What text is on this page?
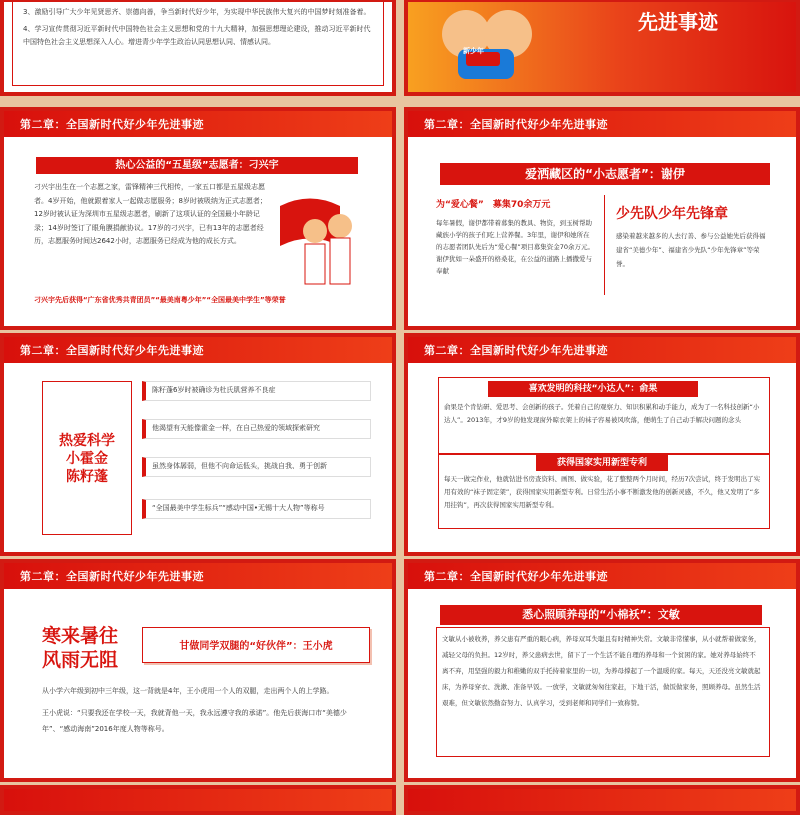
3、激励引导广大少年见贤思齐、崇德向善，争当新时代好少年，为实现中华民族伟大复兴的中国梦时刻准备着。
4、学习宣传贯彻习近平新时代中国特色社会主义思想和党的十九大精神，加强思想理论建设，推动习近平新时代中国特色社会主义思想深入人心。增进青少年学生政治认同思想认同、情感认同。
新少年
先进事迹
第二章：全国新时代好少年先进事迹
热心公益的“五星级”志愿者：刁兴宇
刁兴宇出生在一个志愿之家，雷锋精神三代相传，一家五口都是五星级志愿者。4岁开始，他就跟着家人一起做志愿服务；8岁时被吸纳为正式志愿者；12岁时被认证为深圳市五星级志愿者，刷新了这项认证的全国最小年龄记录；14岁时签订了眼角膜捐献协议。17岁的刁兴宇，已有13年的志愿者经历，志愿服务时间达2642小时，志愿服务已经成为他的成长方式。
刁兴宇先后获得“广东省优秀共青团员”“最美南粤少年”“全国最美中学生”等荣誉
第二章：全国新时代好少年先进事迹
爱洒藏区的“小志愿者”：谢伊
为“爱心餐”　募集70余万元
每年暑假，谢伊都带着募集的教具、物资，到玉树帮助藏族小学的孩子们吃上营养餐。3年里，谢伊和她所在的志愿者团队先后为“爱心餐”项目募集资金70余万元。谢伊犹如一朵盛开的格桑花，在公益的道路上播撒爱与奉献
少先队少年先锋章
感染着越来越多的人去行善、参与公益她先后获得福建省“美德少年”、福建省少先队“少年先锋章”等荣誉。
第二章：全国新时代好少年先进事迹
热爱科学
小霍金
陈籽蓬
陈籽蓬6岁时被确诊为杜氏肌营养不良症
他渴望有天能像霍金一样，在自己热爱的领域探索研究
虽然身体孱弱，但他不向命运低头，挑战自我、勇于创新
“全国最美中学生标兵”“感动中国•无锡十大人物”等称号
第二章：全国新时代好少年先进事迹
喜欢发明的科技“小达人”：俞果
俞果是个肯钻研、爱思考、会创新的孩子。凭着自己的观察力、知识积累和动手能力，成为了一名科技创新“小达人”。2013年，才9岁的他发现窗外晾衣架上的袜子容易被风吹落，便萌生了自己动手解决问题的念头
获得国家实用新型专利
每天一做完作业，他就钻进书房查资料、画图、做实验，花了整整两个月时间，经历7次尝试，终于发明出了实用有效的“袜子固定架”，获得国家实用新型专利。日常生活小事不断激发他的创新灵感，不久，他又发明了“多用挂钩”，再次获得国家实用新型专利。
第二章：全国新时代好少年先进事迹
寒来暑往
风雨无阻
甘做同学双腿的“好伙伴”：王小虎
从小学六年级到初中三年级，这一背就是4年，王小虎用一个人的双腿，走出两个人的上学路。
王小虎说：“只要我还在学校一天，我就背他一天，我永远遵守我的承诺”。他先后获海口市“美德少年”、“感动海南”2016年度人物等称号。
第二章：全国新时代好少年先进事迹
悉心照顾养母的“小棉袄”：文敏
文敏从小被收养，养父患有严重的眼心病，养母双耳失聪且有时精神失常。文敏非常懂事，从小就帮着做家务，减轻父母的负担。12岁时，养父患病去世，留下了一个生活不能自理的养母和一个贫困的家。她对养母始终不离不弃，用坚强的毅力和稚嫩的双手托持着家里的一切，为养母撑起了一个温暖的家。每天，天还没亮文敏就起床，为养母穿衣、洗漱、准备早饭。一放学，文敏就匆匆往家赶，下地干活，做饭做家务，照顾养母。虽然生活艰难，但文敏依然勤奋努力、认真学习，受到老师和同学们一致称赞。
